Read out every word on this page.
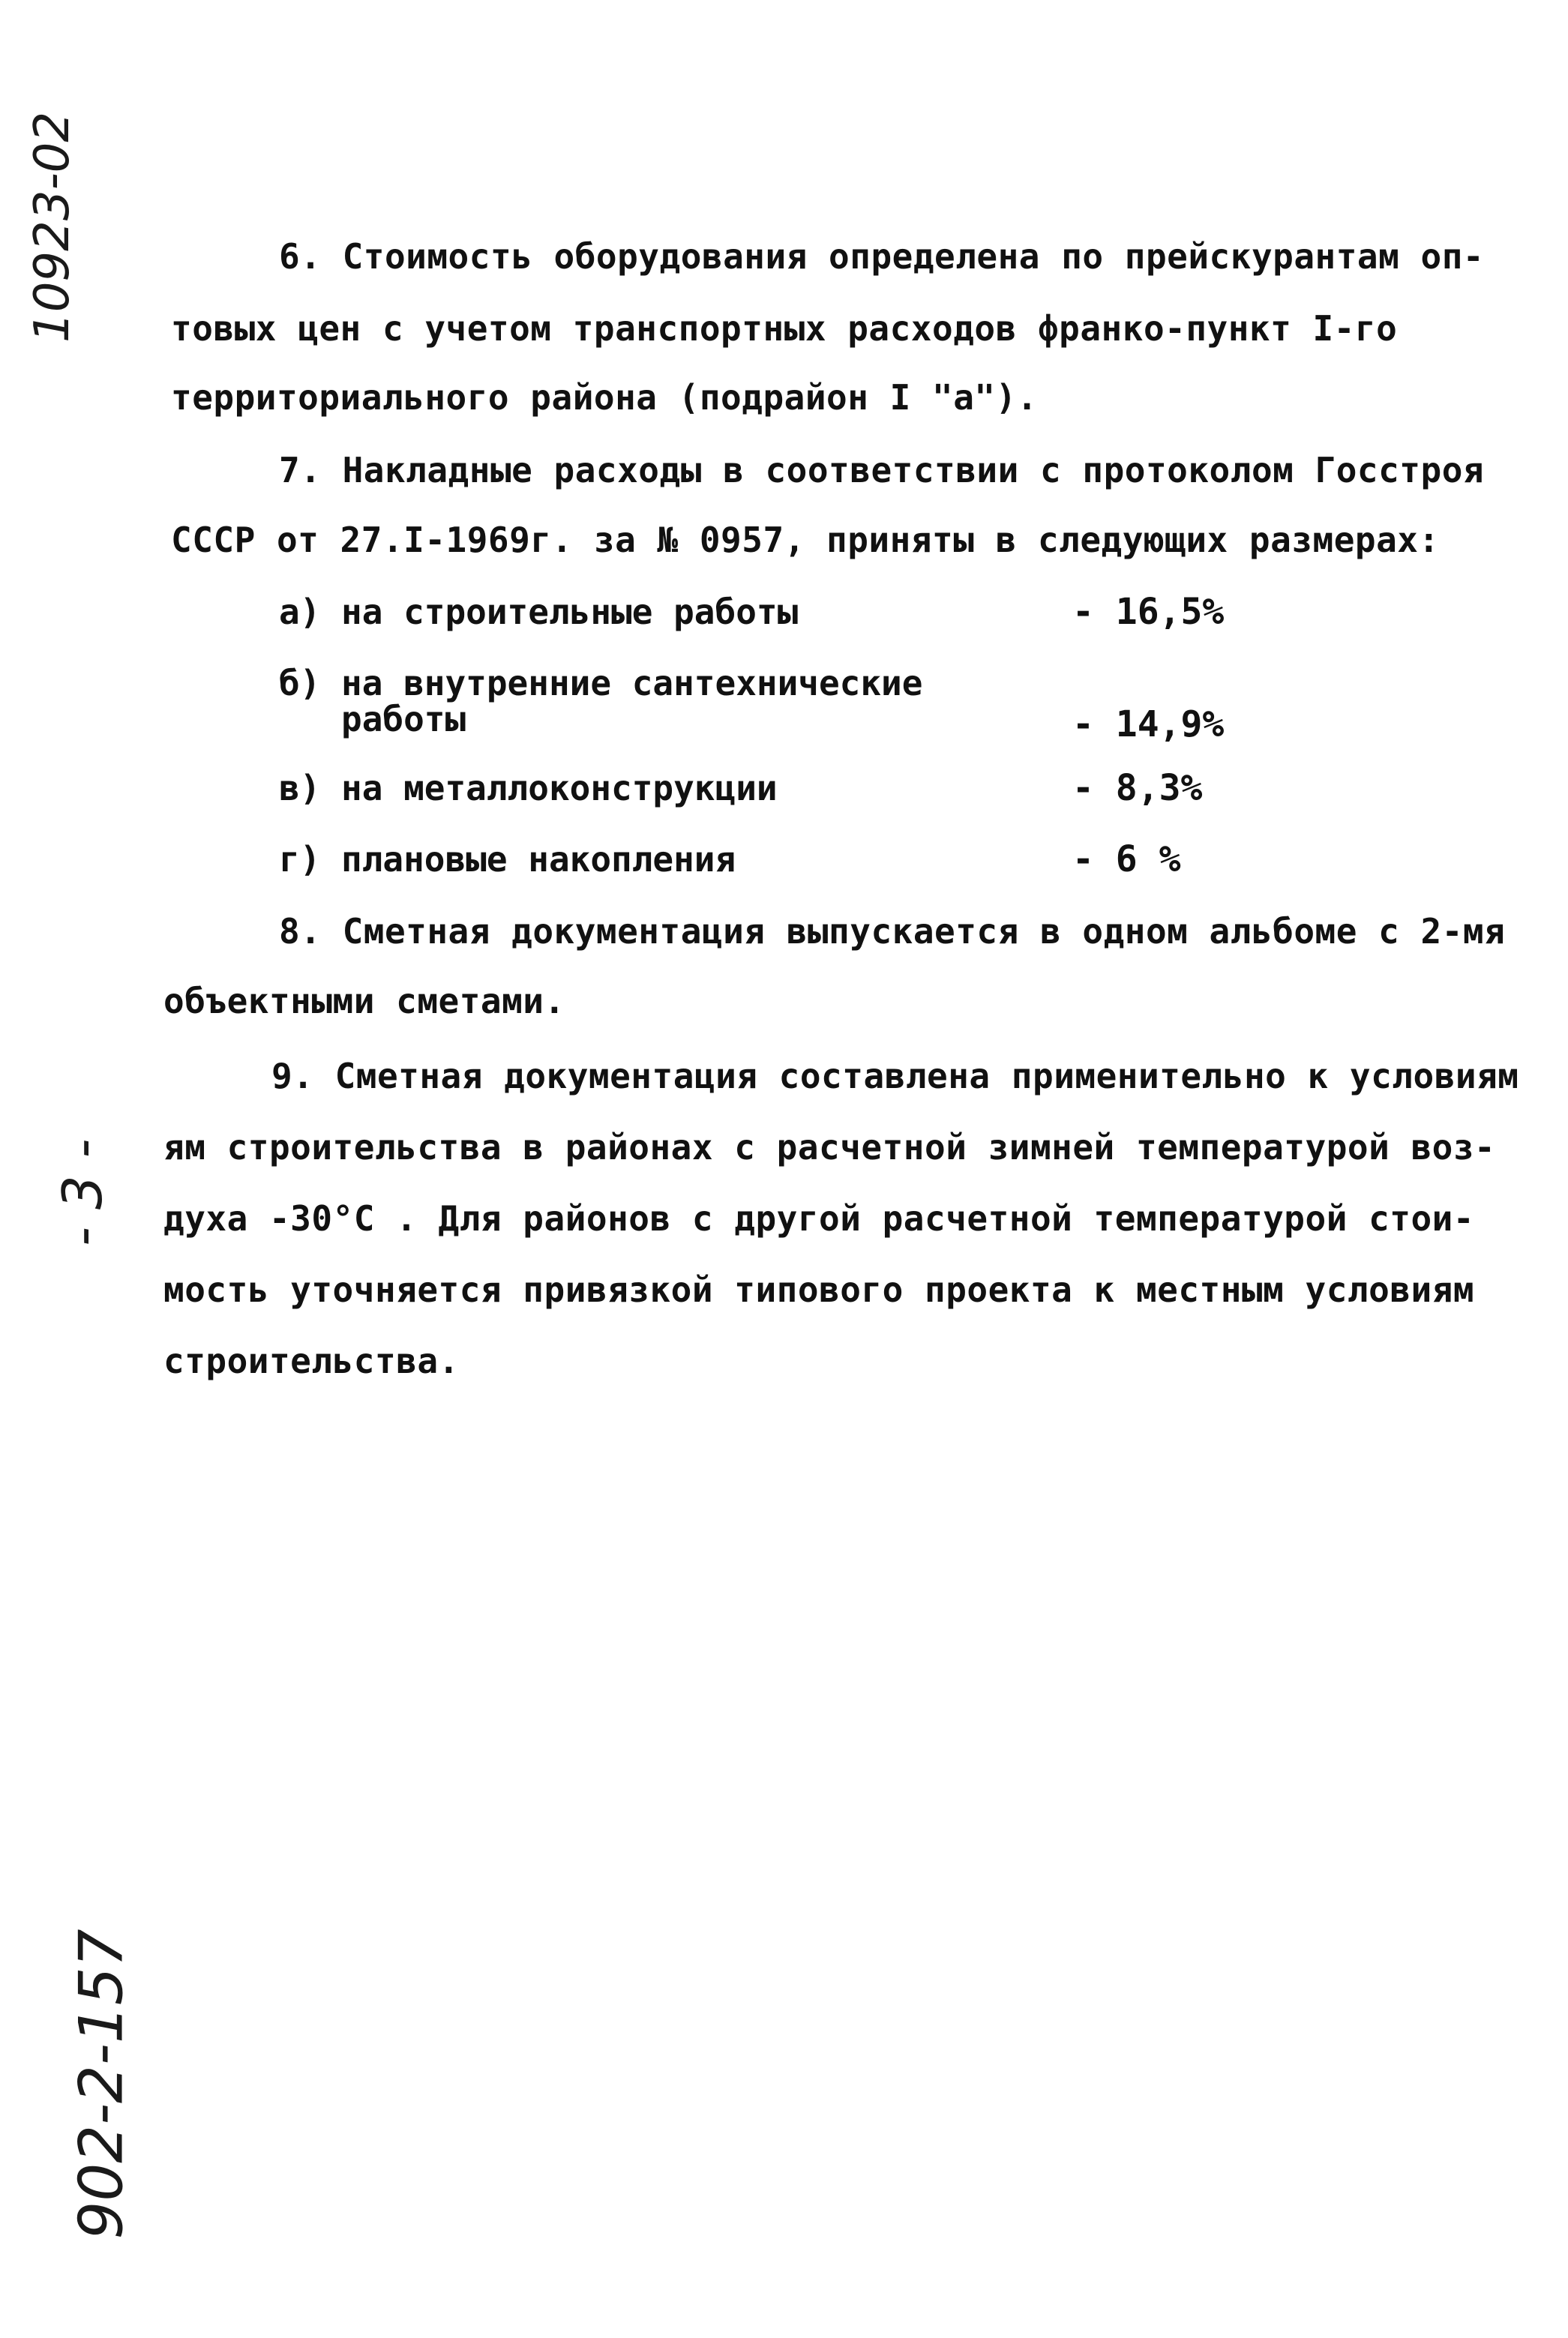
10923-02
- 3 -
902-2-157
6. Стоимость оборудования определена по прейскурантам оп-
товых цен с учетом транспортных расходов франко-пункт I-го
территориального района (подрайон I "а").
7. Накладные расходы в соответствии с протоколом Госстроя
СССР от 27.I-1969г. за № 0957, приняты в следующих размерах:
а) на строительные работы	- 16,5%
б) на внутренние сантехнические
работы	- 14,9%
в) на металлоконструкции	- 8,3%
г) плановые накопления	- 6 %
8. Сметная документация выпускается в одном альбоме с 2-мя
объектными сметами.
9. Сметная документация составлена применительно к условиям
ям строительства в районах с расчетной зимней температурой воз-
духа -30°С . Для районов с другой расчетной температурой стои-
мость уточняется привязкой типового проекта к местным условиям
строительства.
